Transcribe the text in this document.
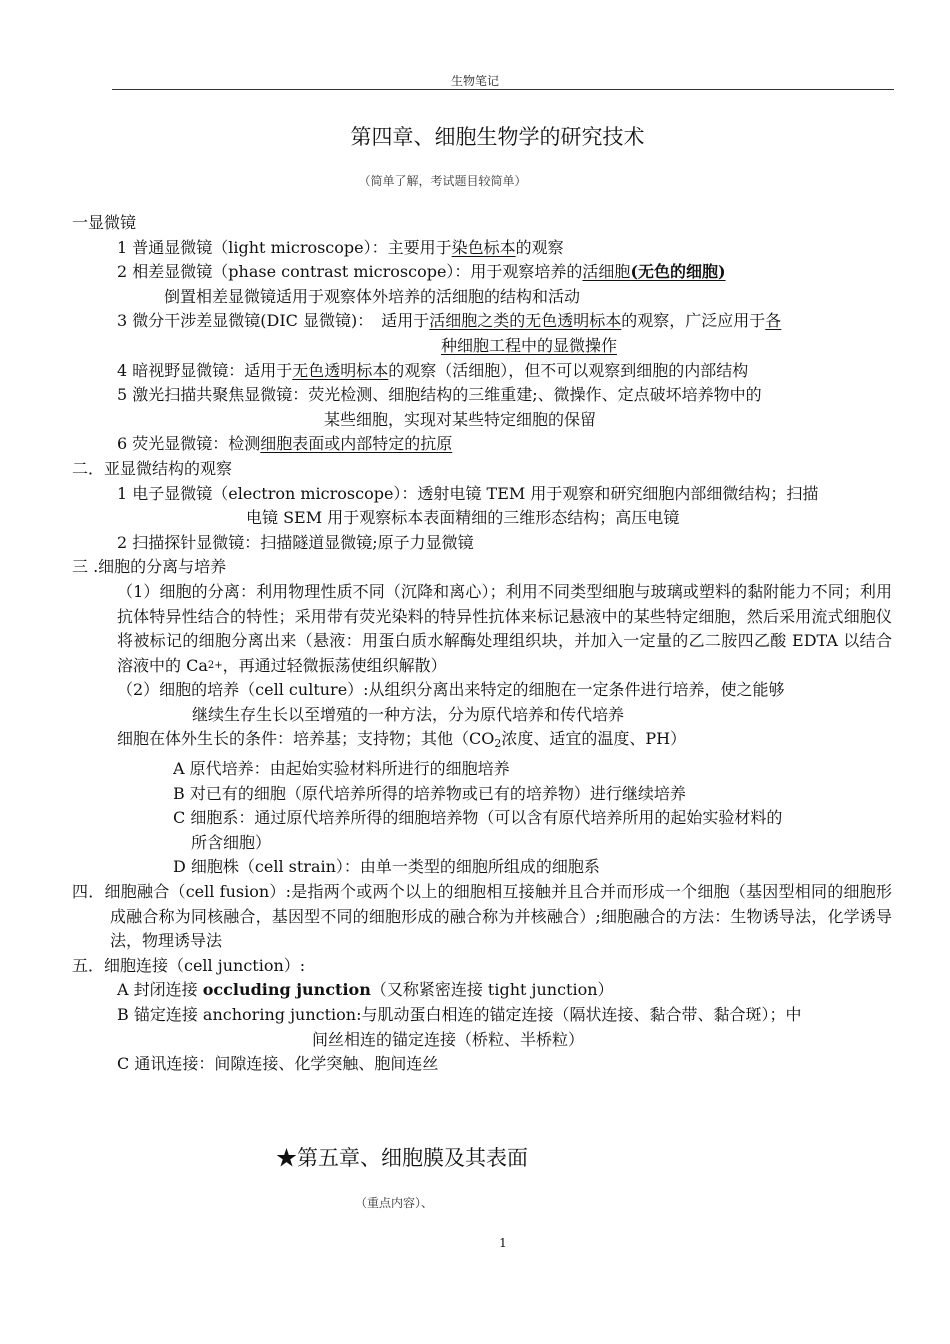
生物笔记
第四章、细胞生物学的研究技术
（简单了解，考试题目较简单）

一显微镜

1 普通显微镜（light microscope）：主要用于染色标本的观察

2 相差显微镜（phase contrast microscope）：用于观察培养的活细胞(无色的细胞)

倒置相差显微镜适用于观察体外培养的活细胞的结构和活动

3 微分干涉差显微镜(DIC 显微镜)：　适用于活细胞之类的无色透明标本的观察，广泛应用于各

种细胞工程中的显微操作

4 暗视野显微镜：适用于无色透明标本的观察（活细胞），但不可以观察到细胞的内部结构

5 激光扫描共聚焦显微镜：荧光检测、细胞结构的三维重建;、微操作、定点破坏培养物中的

某些细胞，实现对某些特定细胞的保留

6 荧光显微镜：检测细胞表面或内部特定的抗原

二．亚显微结构的观察

1 电子显微镜（electron microscope）：透射电镜 TEM 用于观察和研究细胞内部细微结构；扫描

电镜 SEM 用于观察标本表面精细的三维形态结构；高压电镜

2 扫描探针显微镜：扫描隧道显微镜;原子力显微镜

三 .细胞的分离与培养

（1）细胞的分离：利用物理性质不同（沉降和离心）；利用不同类型细胞与玻璃或塑料的黏附能力不同；利用抗体特异性结合的特性；采用带有荧光染料的特异性抗体来标记悬液中的某些特定细胞，然后采用流式细胞仪将被标记的细胞分离出来（悬液：用蛋白质水解酶处理组织块，并加入一定量的乙二胺四乙酸 EDTA 以结合溶液中的 $Ca^{2+}$，再通过轻微振荡使组织解散）

（2）细胞的培养（cell culture）:从组织分离出来特定的细胞在一定条件进行培养，使之能够

继续生存生长以至增殖的一种方法，分为原代培养和传代培养

细胞在体外生长的条件：培养基；支持物；其他（$CO_2$浓度、适宜的温度、PH）

A 原代培养：由起始实验材料所进行的细胞培养

B 对已有的细胞（原代培养所得的培养物或已有的培养物）进行继续培养

C 细胞系：通过原代培养所得的细胞培养物（可以含有原代培养所用的起始实验材料的

所含细胞）

D 细胞株（cell strain）：由单一类型的细胞所组成的细胞系

四．细胞融合（cell fusion）:是指两个或两个以上的细胞相互接触并且合并而形成一个细胞（基因型相同的细胞形成融合称为同核融合，基因型不同的细胞形成的融合称为并核融合）;细胞融合的方法：生物诱导法，化学诱导法，物理诱导法

五．细胞连接（cell junction）:

A 封闭连接 occluding junction（又称紧密连接 tight junction）

B 锚定连接 anchoring junction:与肌动蛋白相连的锚定连接（隔状连接、黏合带、黏合斑）；中

间丝相连的锚定连接（桥粒、半桥粒）

C 通讯连接：间隙连接、化学突触、胞间连丝

★第五章、细胞膜及其表面
（重点内容）、
1
